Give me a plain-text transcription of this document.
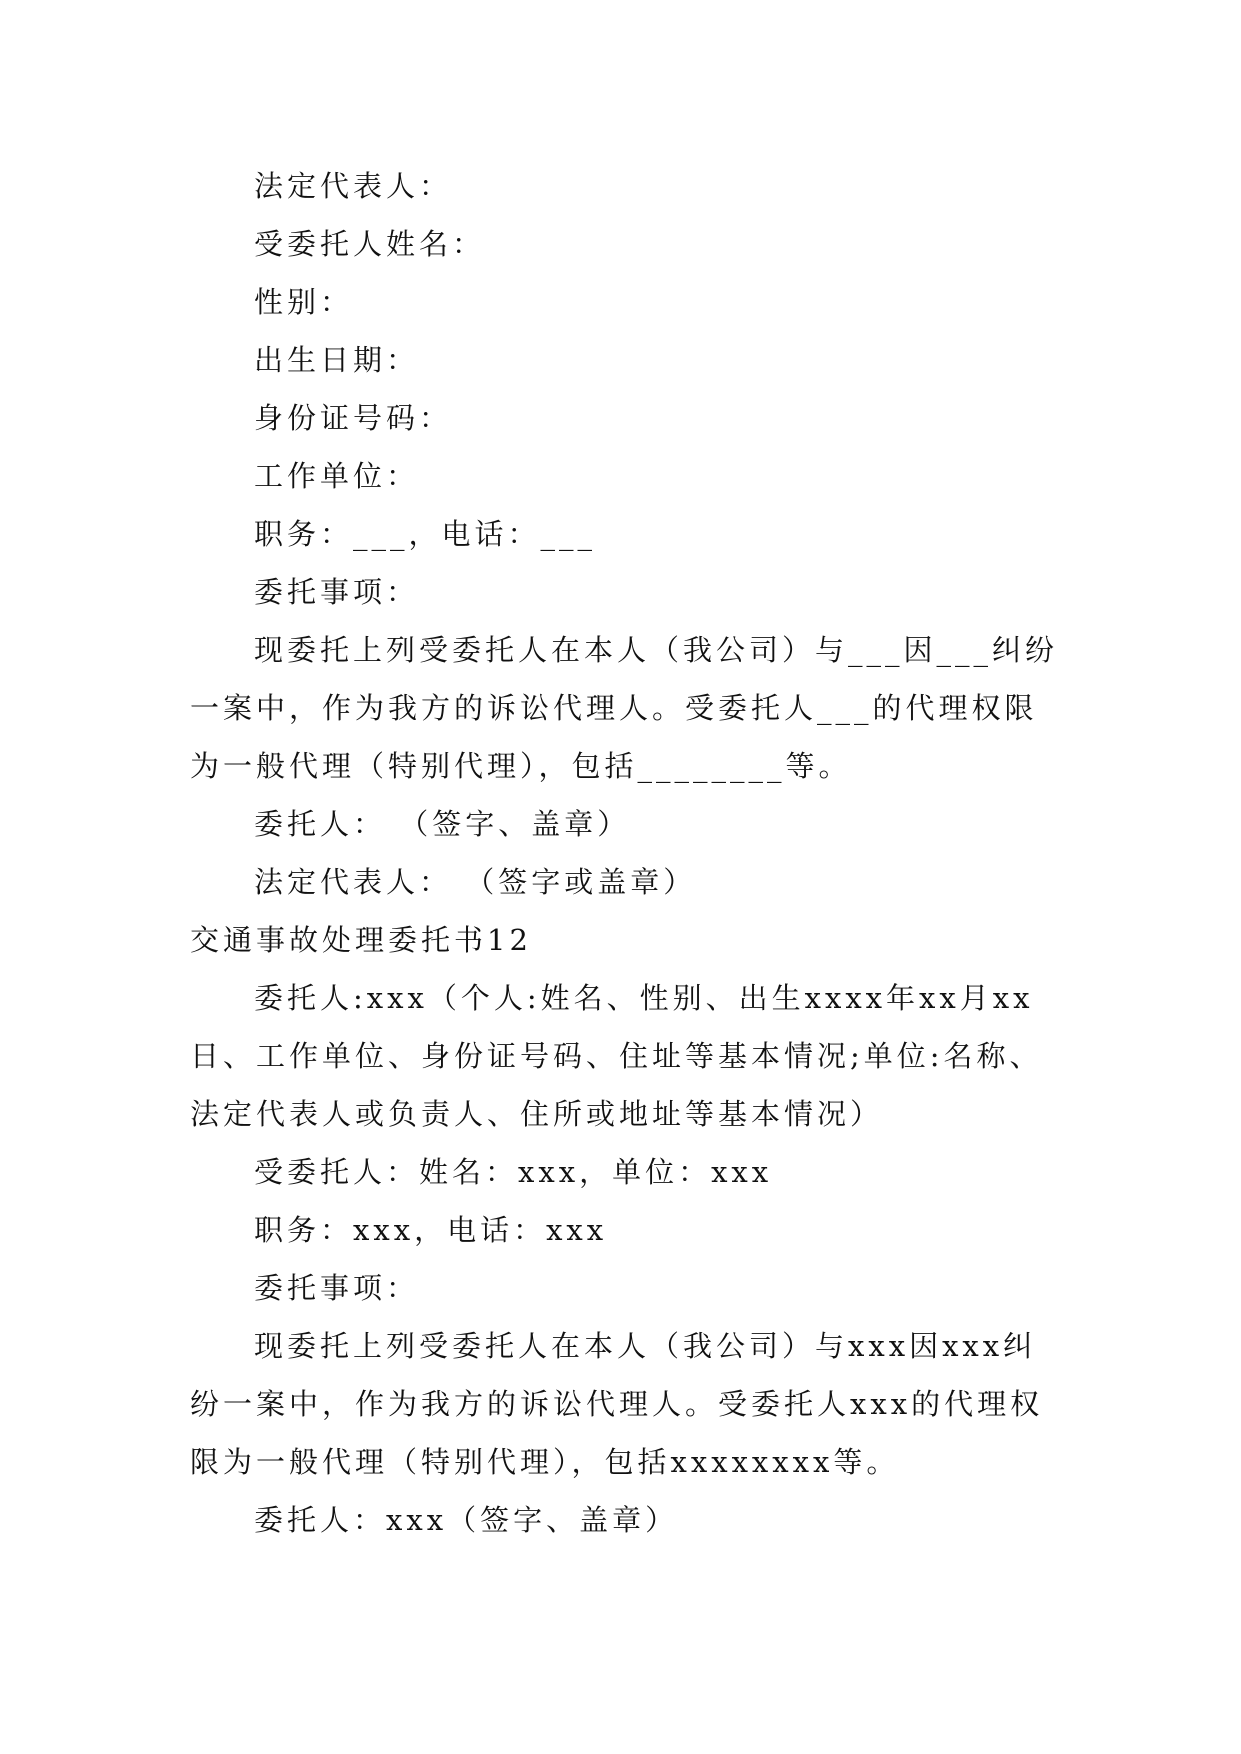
法定代表人：

受委托人姓名：

性别：

出生日期：

身份证号码：

工作单位：

职务：___，电话：___

委托事项：

现委托上列受委托人在本人（我公司）与___因___纠纷
一案中，作为我方的诉讼代理人。受委托人___的代理权限
为一般代理（特别代理），包括________等。

委托人： （签字、盖章）

法定代表人： （签字或盖章）

交通事故处理委托书12

委托人:xxx（个人:姓名、性别、出生xxxx年xx月xx
日、工作单位、身份证号码、住址等基本情况;单位:名称、
法定代表人或负责人、住所或地址等基本情况）

受委托人：姓名：xxx，单位：xxx

职务：xxx，电话：xxx

委托事项：

现委托上列受委托人在本人（我公司）与xxx因xxx纠
纷一案中，作为我方的诉讼代理人。受委托人xxx的代理权
限为一般代理（特别代理），包括xxxxxxxx等。

委托人：xxx（签字、盖章）
